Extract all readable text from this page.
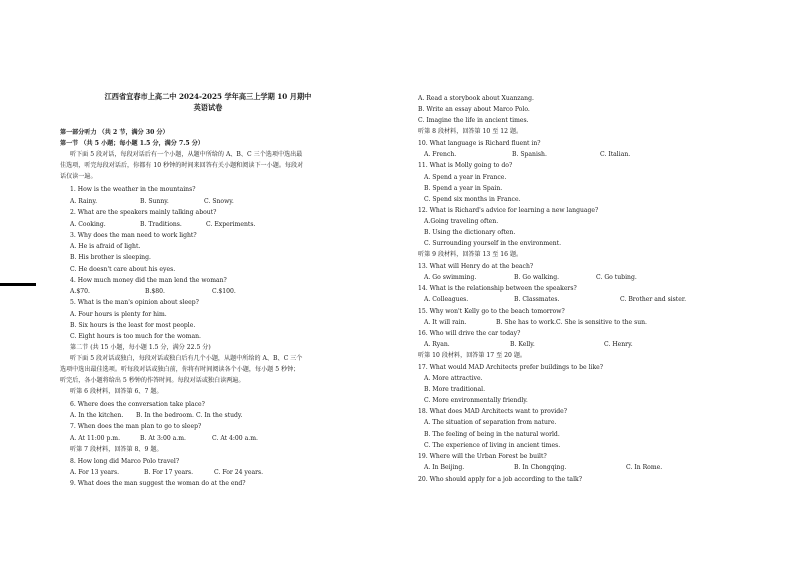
江西省宜春市上高二中 2024-2025 学年高三上学期 10 月期中
英语试卷
第一部分听力 （共 2 节，满分 30 分）
第一节 （共 5 小题；每小题 1.5 分，满分 7.5 分）
听下面 5 段对话，每段对话后有一个小题，从题中所给的 A、B、C 三个选项中选出最
佳选项，听完每段对话后，你都有 10 秒钟的时间来回答有关小题和阅读下一小题。每段对
话仅读一遍。
1. How is the weather in the mountains?
A. Rainy.	B. Sunny.	C. Snowy.
2. What are the speakers mainly talking about?
A. Cooking.	B. Traditions.	C. Experiments.
3. Why does the man need to work light?
A. He is afraid of light.
B. His brother is sleeping.
C. He doesn't care about his eyes.
4. How much money did the man lend the woman?
A.$70.	B.$80.	C.$100.
5. What is the man's opinion about sleep?
A. Four hours is plenty for him.
B. Six hours is the least for most people.
C. Eight hours is too much for the woman.
第二节 (共 15 小题，每小题 1.5 分，满分 22.5 分)
听下面 5 段对话或独白，每段对话或独白后有几个小题，从题中所给的 A、B、C 三个
选项中选出最佳选项。听每段对话或独白前，你将有时间阅读各个小题，每小题 5 秒钟；
听完后，各小题将给出 5 秒钟的作答时间。每段对话或独白读两遍。
听第 6 段材料，回答第 6、7 题。
6. Where does the conversation take place?
A. In the kitchen. B. In the bedroom. C. In the study.
7. When does the man plan to go to sleep?
A. At 11:00 p.m.	B. At 3:00 a.m.	C. At 4:00 a.m.
听第 7 段材料，回答第 8、9 题。
8. How long did Marco Polo travel?
A. For 13 years.	B. For 17 years.	C. For 24 years.
9. What does the man suggest the woman do at the end?
A. Read a storybook about Xuanzang.
B. Write an essay about Marco Polo.
C. Imagine the life in ancient times.
听第 8 段材料，回答第 10 至 12 题。
10. What language is Richard fluent in?
A. French.	B. Spanish.	C. Italian.
11. What is Molly going to do?
A. Spend a year in France.
B. Spend a year in Spain.
C. Spend six months in France.
12. What is Richard's advice for learning a new language?
A.Going traveling often.
B. Using the dictionary often.
C. Surrounding yourself in the environment.
听第 9 段材料，回答第 13 至 16 题。
13. What will Henry do at the beach?
A. Go swimming.	B. Go walking.	C. Go tubing.
14. What is the relationship between the speakers?
A. Colleagues.	B. Classmates.	C. Brother and sister.
15. Why won't Kelly go to the beach tomorrow?
A. It will rain.	B. She has to work. C. She is sensitive to the sun.
16. Who will drive the car today?
A. Ryan.	B. Kelly.	C. Henry.
听第 10 段材料，回答第 17 至 20 题。
17. What would MAD Architects prefer buildings to be like?
A. More attractive.
B. More traditional.
C. More environmentally friendly.
18. What does MAD Architects want to provide?
A. The situation of separation from nature.
B. The feeling of being in the natural world.
C. The experience of living in ancient times.
19. Where will the Urban Forest be built?
A. In Beijing.	B. In Chongqing.	C. In Rome.
20. Who should apply for a job according to the talk?
